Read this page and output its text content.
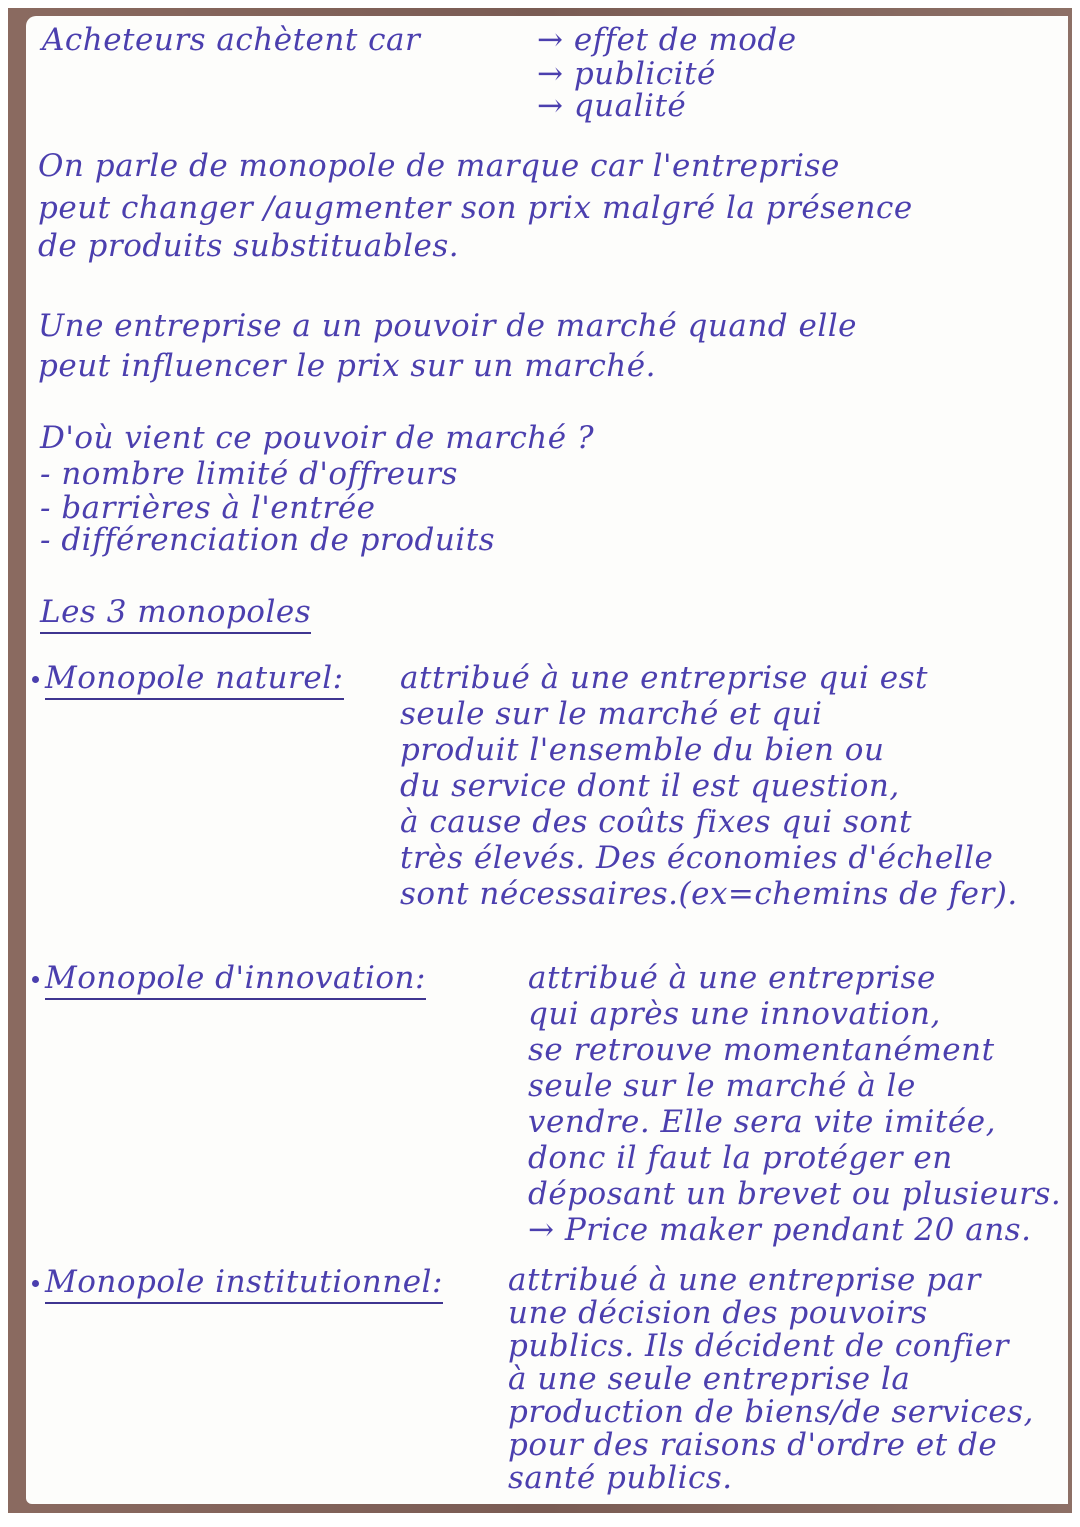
Acheteurs achètent car	→ effet de mode
→ publicité
→ qualité
On parle de monopole de marque car l'entreprise
peut changer /augmenter son prix malgré la présence
de produits substituables.
Une entreprise a un pouvoir de marché quand elle
peut influencer le prix sur un marché.
D'où vient ce pouvoir de marché ?
- nombre limité d'offreurs
- barrières à l'entrée
- différenciation de produits
Les 3 monopoles
Monopole naturel: attribué à une entreprise qui est
seule sur le marché et qui
produit l'ensemble du bien ou
du service dont il est question,
à cause des coûts fixes qui sont
très élevés. Des économies d'échelle
sont nécessaires.(ex=chemins de fer).
Monopole d'innovation:	attribué à une entreprise
qui après une innovation,
se retrouve momentanément
seule sur le marché à le
vendre. Elle sera vite imitée,
donc il faut la protéger en
déposant un brevet ou plusieurs.
→ Price maker pendant 20 ans.
Monopole institutionnel: attribué à une entreprise par
une décision des pouvoirs
publics. Ils décident de confier
à une seule entreprise la
production de biens/de services,
pour des raisons d'ordre et de
santé publics.
